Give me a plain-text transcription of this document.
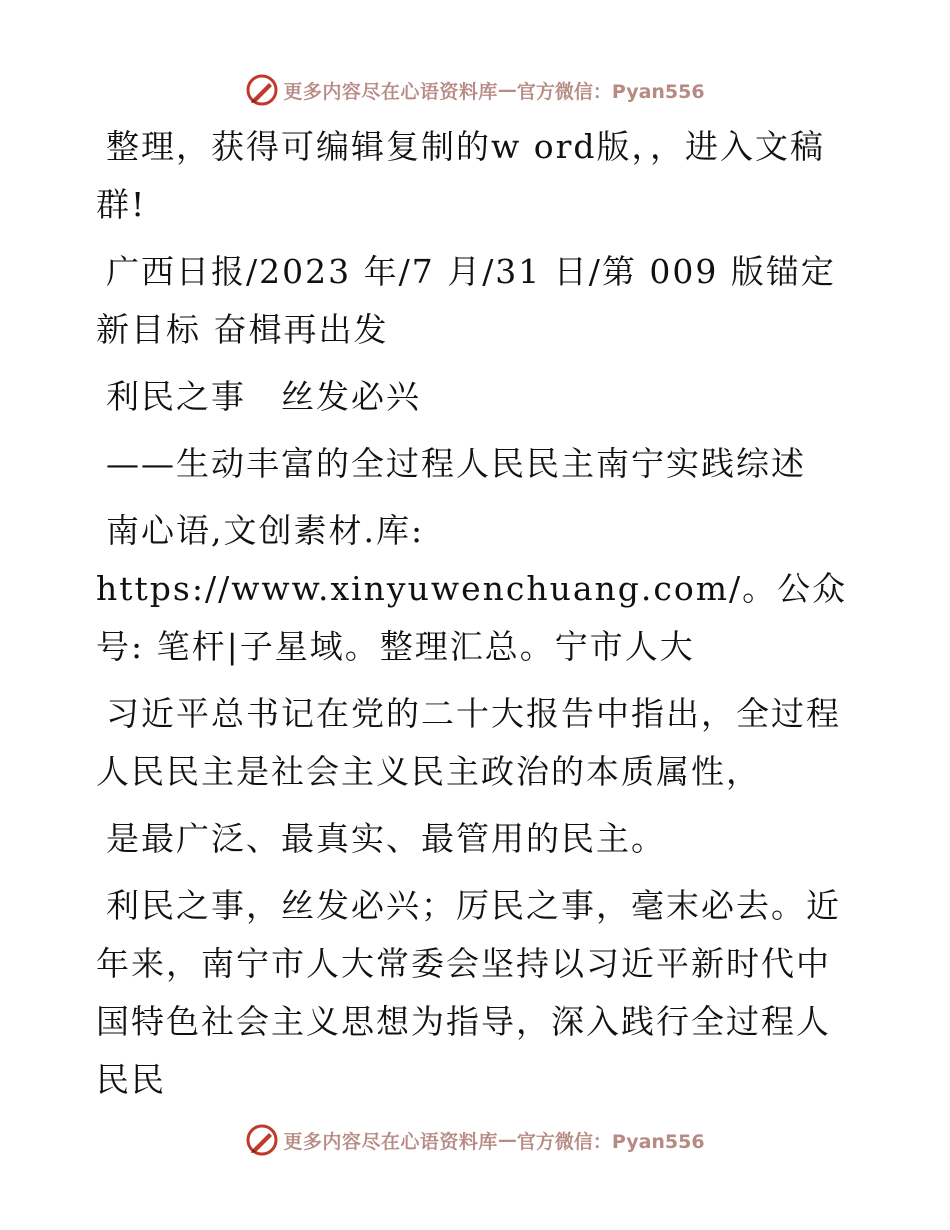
更多内容尽在心语资料库 — 官方微信：Pyan556

整理，获得可编辑复制的w ord版，，进入文稿群!

广西日报/2023 年/7 月/31 日/第 009 版锚定新目标 奋楫再出发

利民之事　丝发必兴

——生动丰富的全过程人民民主南宁实践综述

南心语,文创素材.库: https://www.xinyuwenchuang.com/。公众号: 笔杆|子星域。整理汇总。宁市人大

习近平总书记在党的二十大报告中指出，全过程人民民主是社会主义民主政治的本质属性，

是最广泛、最真实、最管用的民主。

利民之事，丝发必兴；厉民之事，毫末必去。近年来，南宁市人大常委会坚持以习近平新时代中国特色社会主义思想为指导，深入践行全过程人民民

更多内容尽在心语资料库 — 官方微信：Pyan556
